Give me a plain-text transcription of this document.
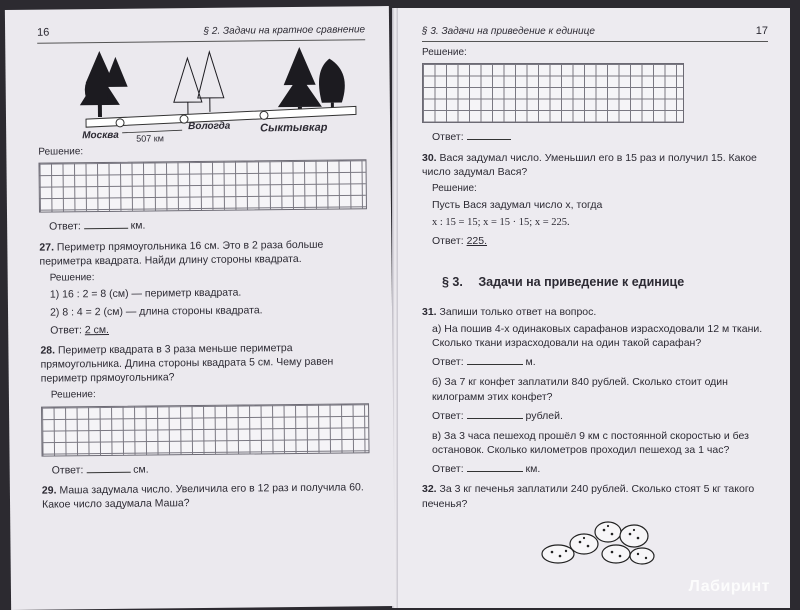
16	§ 2. Задачи на кратное сравнение
Москва 507 км
Вологда	Сыктывкар
Решение:
Ответ:	км.
27. Периметр прямоугольника 16 см. Это в 2 раза больше периметра квадрата. Найди длину стороны квадрата.
Решение:
1) 16 : 2 = 8 (см) — периметр квадрата.
2) 8 : 4 = 2 (см) — длина стороны квадрата.
Ответ: 2 см.
28. Периметр квадрата в 3 раза меньше периметра прямоугольника. Длина стороны квадрата 5 см. Чему равен периметр прямоугольника?
Решение:
Ответ:	см.
29. Маша задумала число. Увеличила его в 12 раз и получила 60. Какое число задумала Маша?
§ 3. Задачи на приведение к единице	17
Решение:
Ответ:
30. Вася задумал число. Уменьшил его в 15 раз и получил 15. Какое число задумал Вася?
Решение:
Пусть Вася задумал число x, тогда
x : 15 = 15; x = 15 · 15; x = 225.
Ответ: 225.
§ 3. Задачи на приведение к единице
31. Запиши только ответ на вопрос.
а) На пошив 4-х одинаковых сарафанов израсходовали 12 м ткани. Сколько ткани израсходовали на один такой сарафан?
Ответ:	м.
б) За 7 кг конфет заплатили 840 рублей. Сколько стоит один килограмм этих конфет?
Ответ:	рублей.
в) За 3 часа пешеход прошёл 9 км с постоянной скоростью и без остановок. Сколько километров проходил пешеход за 1 час?
Ответ:	км.
32. За 3 кг печенья заплатили 240 рублей. Сколько стоят 5 кг такого печенья?
Лабиринт
